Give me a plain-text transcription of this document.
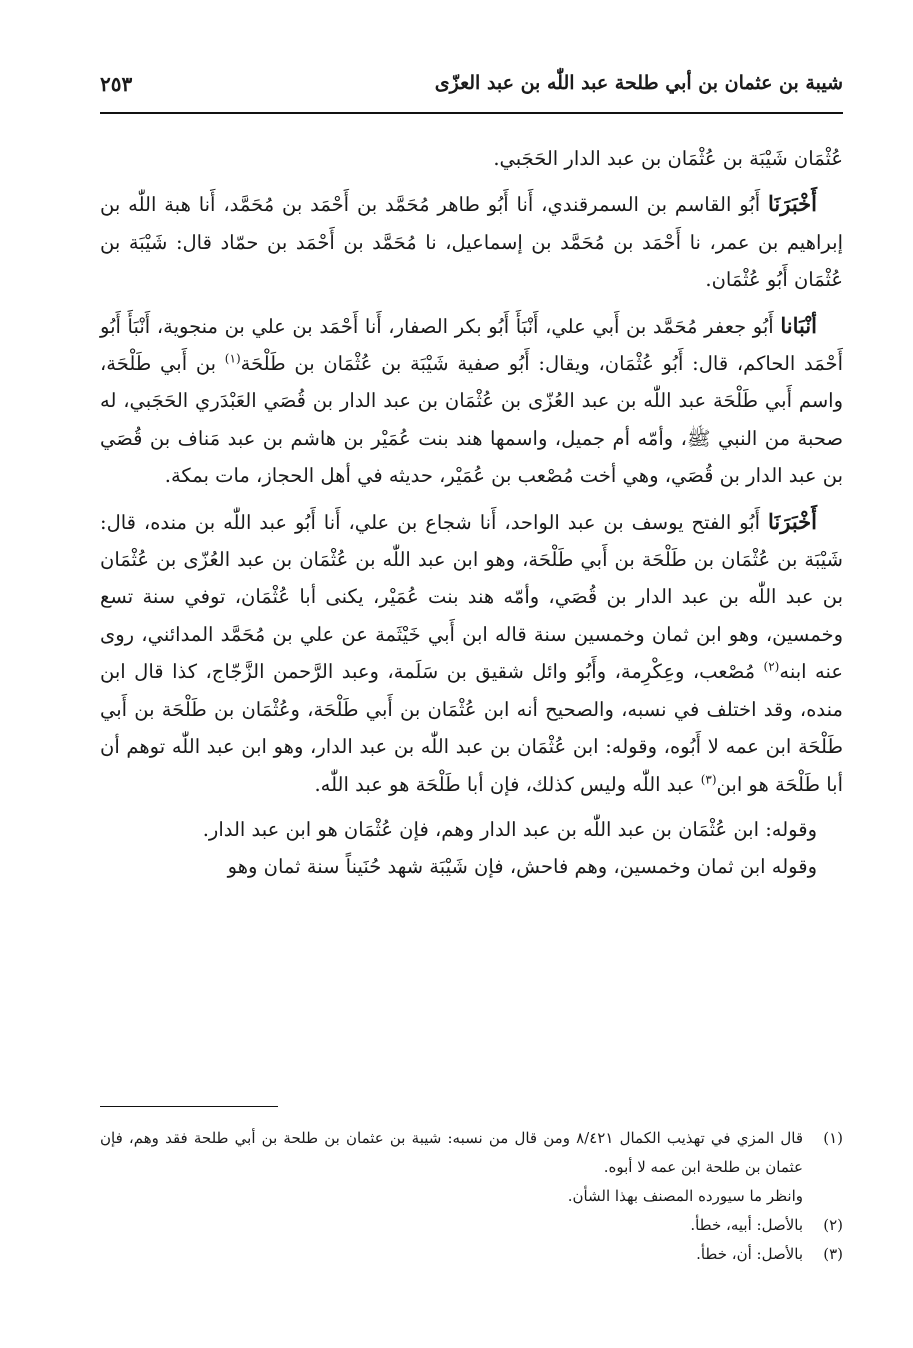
شيبة بن عثمان بن أبي طلحة عبد اللّٰه بن عبد العزّى
٢٥٣

عُثْمَان شَيْبَة بن عُثْمَان بن عبد الدار الحَجَبي.

أَخْبَرَنَا أَبُو القاسم بن السمرقندي، أَنا أَبُو طاهر مُحَمَّد بن أَحْمَد بن مُحَمَّد، أَنا هبة اللّٰه بن إبراهيم بن عمر، نا أَحْمَد بن مُحَمَّد بن إسماعيل، نا مُحَمَّد بن أَحْمَد بن حمّاد قال: شَيْبَة بن عُثْمَان أَبُو عُثْمَان.

أنْبَانا أَبُو جعفر مُحَمَّد بن أَبي علي، أَنْبَأَ أَبُو بكر الصفار، أَنا أَحْمَد بن علي بن منجوية، أَنْبَأَ أَبُو أَحْمَد الحاكم، قال: أَبُو عُثْمَان، ويقال: أَبُو صفية شَيْبَة بن عُثْمَان بن طَلْحَة$^{(١)}$ بن أَبي طَلْحَة، واسم أَبي طَلْحَة عبد اللّٰه بن عبد العُزّى بن عُثْمَان بن عبد الدار بن قُصَي العَبْدَري الحَجَبي، له صحبة من النبي ﷺ، وأمّه أم جميل، واسمها هند بنت عُمَيْر بن هاشم بن عبد مَناف بن قُصَي بن عبد الدار بن قُصَي، وهي أخت مُصْعب بن عُمَيْر، حديثه في أهل الحجاز، مات بمكة.

أَخْبَرَنَا أَبُو الفتح يوسف بن عبد الواحد، أَنا شجاع بن علي، أَنا أَبُو عبد اللّٰه بن منده، قال: شَيْبَة بن عُثْمَان بن طَلْحَة بن أَبي طَلْحَة، وهو ابن عبد اللّٰه بن عُثْمَان بن عبد العُزّى بن عُثْمَان بن عبد اللّٰه بن عبد الدار بن قُصَي، وأمّه هند بنت عُمَيْر، يكنى أبا عُثْمَان، توفي سنة تسع وخمسين، وهو ابن ثمان وخمسين سنة قاله ابن أَبي خَيْثَمة عن علي بن مُحَمَّد المدائني، روى عنه ابنه$^{(٢)}$ مُصْعب، وعِكْرِمة، وأَبُو وائل شقيق بن سَلَمة، وعبد الرَّحمن الزَّجّاج، كذا قال ابن منده، وقد اختلف في نسبه، والصحيح أنه ابن عُثْمَان بن أَبي طَلْحَة، وعُثْمَان بن طَلْحَة بن أَبي طَلْحَة ابن عمه لا أَبُوه، وقوله: ابن عُثْمَان بن عبد اللّٰه بن عبد الدار، وهو ابن عبد اللّٰه توهم أن أبا طَلْحَة هو ابن$^{(٣)}$ عبد اللّٰه وليس كذلك، فإن أبا طَلْحَة هو عبد اللّٰه.

وقوله: ابن عُثْمَان بن عبد اللّٰه بن عبد الدار وهم، فإن عُثْمَان هو ابن عبد الدار.

وقوله ابن ثمان وخمسين، وهم فاحش، فإن شَيْبَة شهد حُنَيناً سنة ثمان وهو

(١)
قال المزي في تهذيب الكمال ٨/٤٢١ ومن قال من نسبه: شيبة بن عثمان بن طلحة بن أبي طلحة فقد وهم، فإن عثمان بن طلحة ابن عمه لا أبوه.

وانظر ما سيورده المصنف بهذا الشأن.

(٢)
بالأصل: أبيه، خطأ.

(٣)
بالأصل: أن، خطأ.
